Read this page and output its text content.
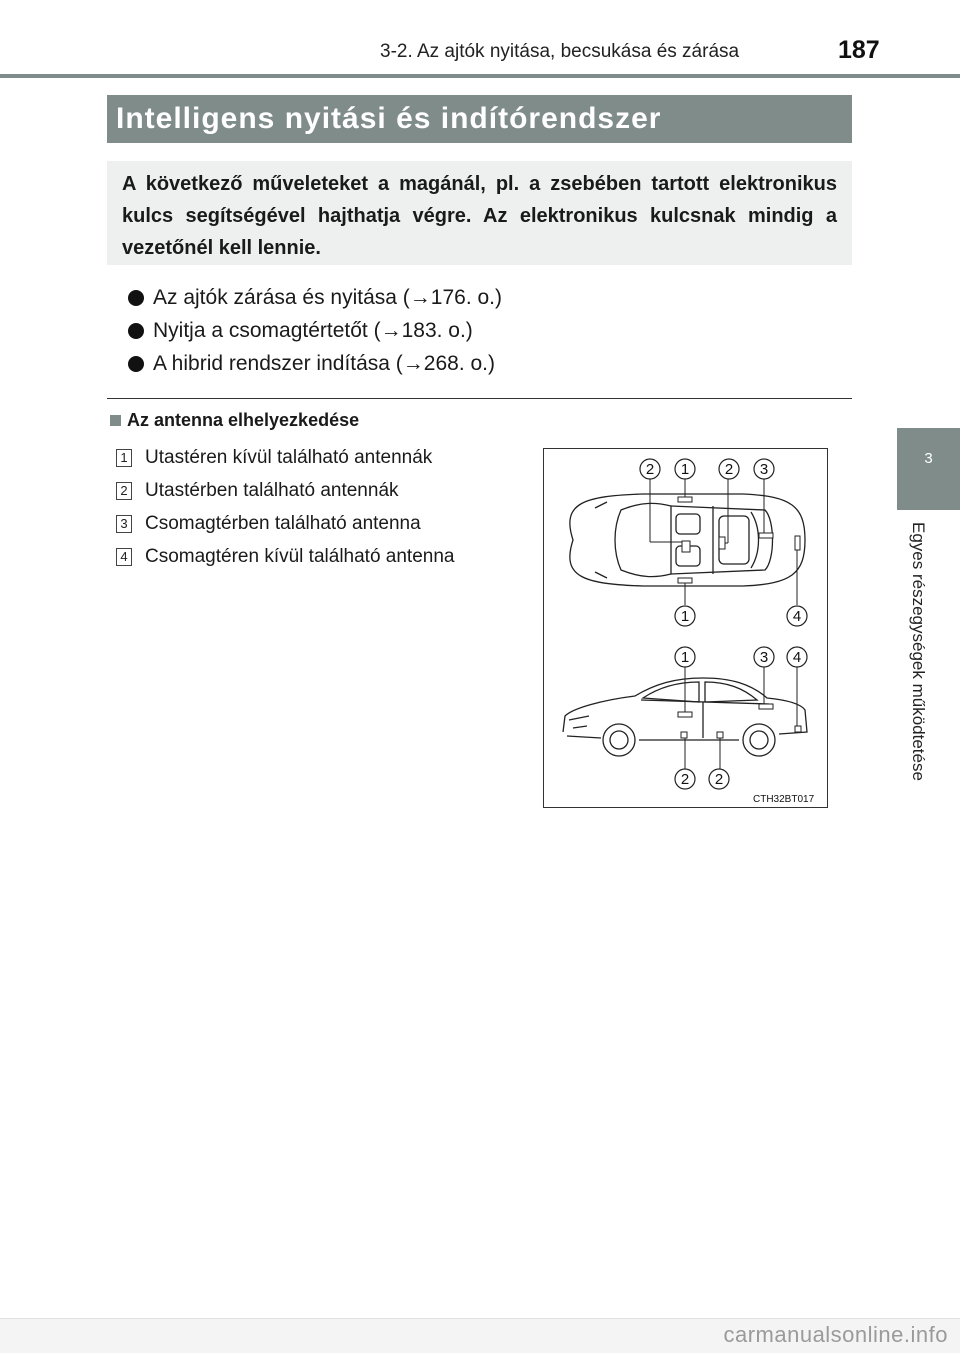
3-2. Az ajtók nyitása, becsukása és zárása	187
3
Egyes részegységek működtetése
Intelligens nyitási és indítórendszer
A következő műveleteket a magánál, pl. a zsebében tartott elektronikus kulcs segítségével hajthatja végre. Az elektronikus kulcsnak mindig a vezetőnél kell lennie.
Az ajtók zárása és nyitása (→176. o.)
Nyitja a csomagtértetőt (→183. o.)
A hibrid rendszer indítása (→268. o.)
Az antenna elhelyezkedése
1 Utastéren kívül található antennák
2 Utastérben található antennák
3 Csomagtérben található antenna
4 Csomagtéren kívül található antenna
2 1 2 3
1	4
1	3 4
2 2
CTH32BT017
carmanualsonline.info
